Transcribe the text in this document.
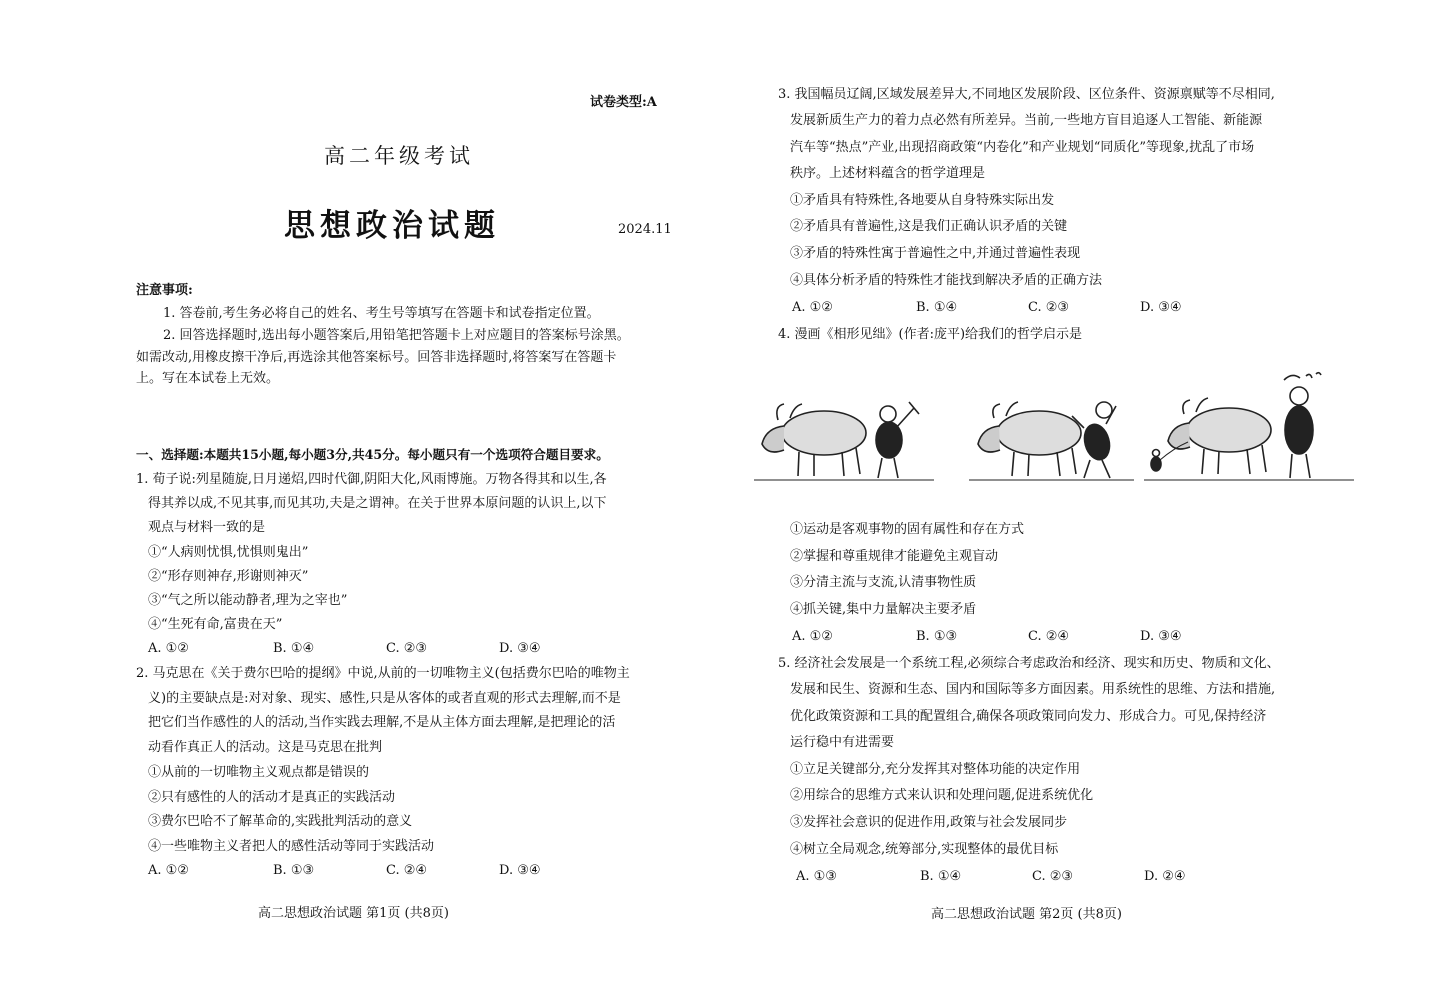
试卷类型:A
高二年级考试
思想政治试题	2024.11
注意事项:
1. 答卷前,考生务必将自己的姓名、考生号等填写在答题卡和试卷指定位置。
2. 回答选择题时,选出每小题答案后,用铅笔把答题卡上对应题目的答案标号涂黑。
如需改动,用橡皮擦干净后,再选涂其他答案标号。回答非选择题时,将答案写在答题卡
上。写在本试卷上无效。
一、选择题:本题共15小题,每小题3分,共45分。每小题只有一个选项符合题目要求。
1. 荀子说:列星随旋,日月递炤,四时代御,阴阳大化,风雨博施。万物各得其和以生,各
得其养以成,不见其事,而见其功,夫是之谓神。在关于世界本原问题的认识上,以下
观点与材料一致的是
①“人病则忧惧,忧惧则鬼出”
②“形存则神存,形谢则神灭”
③“气之所以能动静者,理为之宰也”
④“生死有命,富贵在天”
A. ①②	B. ①④	C. ②③	D. ③④
2. 马克思在《关于费尔巴哈的提纲》中说,从前的一切唯物主义(包括费尔巴哈的唯物主
义)的主要缺点是:对对象、现实、感性,只是从客体的或者直观的形式去理解,而不是
把它们当作感性的人的活动,当作实践去理解,不是从主体方面去理解,是把理论的活
动看作真正人的活动。这是马克思在批判
①从前的一切唯物主义观点都是错误的
②只有感性的人的活动才是真正的实践活动
③费尔巴哈不了解革命的,实践批判活动的意义
④一些唯物主义者把人的感性活动等同于实践活动
A. ①②	B. ①③	C. ②④	D. ③④
高二思想政治试题 第1页 (共8页)
3. 我国幅员辽阔,区域发展差异大,不同地区发展阶段、区位条件、资源禀赋等不尽相同,
发展新质生产力的着力点必然有所差异。当前,一些地方盲目追逐人工智能、新能源
汽车等“热点”产业,出现招商政策“内卷化”和产业规划“同质化”等现象,扰乱了市场
秩序。上述材料蕴含的哲学道理是
①矛盾具有特殊性,各地要从自身特殊实际出发
②矛盾具有普遍性,这是我们正确认识矛盾的关键
③矛盾的特殊性寓于普遍性之中,并通过普遍性表现
④具体分析矛盾的特殊性才能找到解决矛盾的正确方法
A. ①②	B. ①④	C. ②③	D. ③④
4. 漫画《相形见绌》(作者:庞平)给我们的哲学启示是
①运动是客观事物的固有属性和存在方式
②掌握和尊重规律才能避免主观盲动
③分清主流与支流,认清事物性质
④抓关键,集中力量解决主要矛盾
A. ①②	B. ①③	C. ②④	D. ③④
5. 经济社会发展是一个系统工程,必须综合考虑政治和经济、现实和历史、物质和文化、
发展和民生、资源和生态、国内和国际等多方面因素。用系统性的思维、方法和措施,
优化政策资源和工具的配置组合,确保各项政策同向发力、形成合力。可见,保持经济
运行稳中有进需要
①立足关键部分,充分发挥其对整体功能的决定作用
②用综合的思维方式来认识和处理问题,促进系统优化
③发挥社会意识的促进作用,政策与社会发展同步
④树立全局观念,统筹部分,实现整体的最优目标
A. ①③	B. ①④	C. ②③	D. ②④
高二思想政治试题 第2页 (共8页)
